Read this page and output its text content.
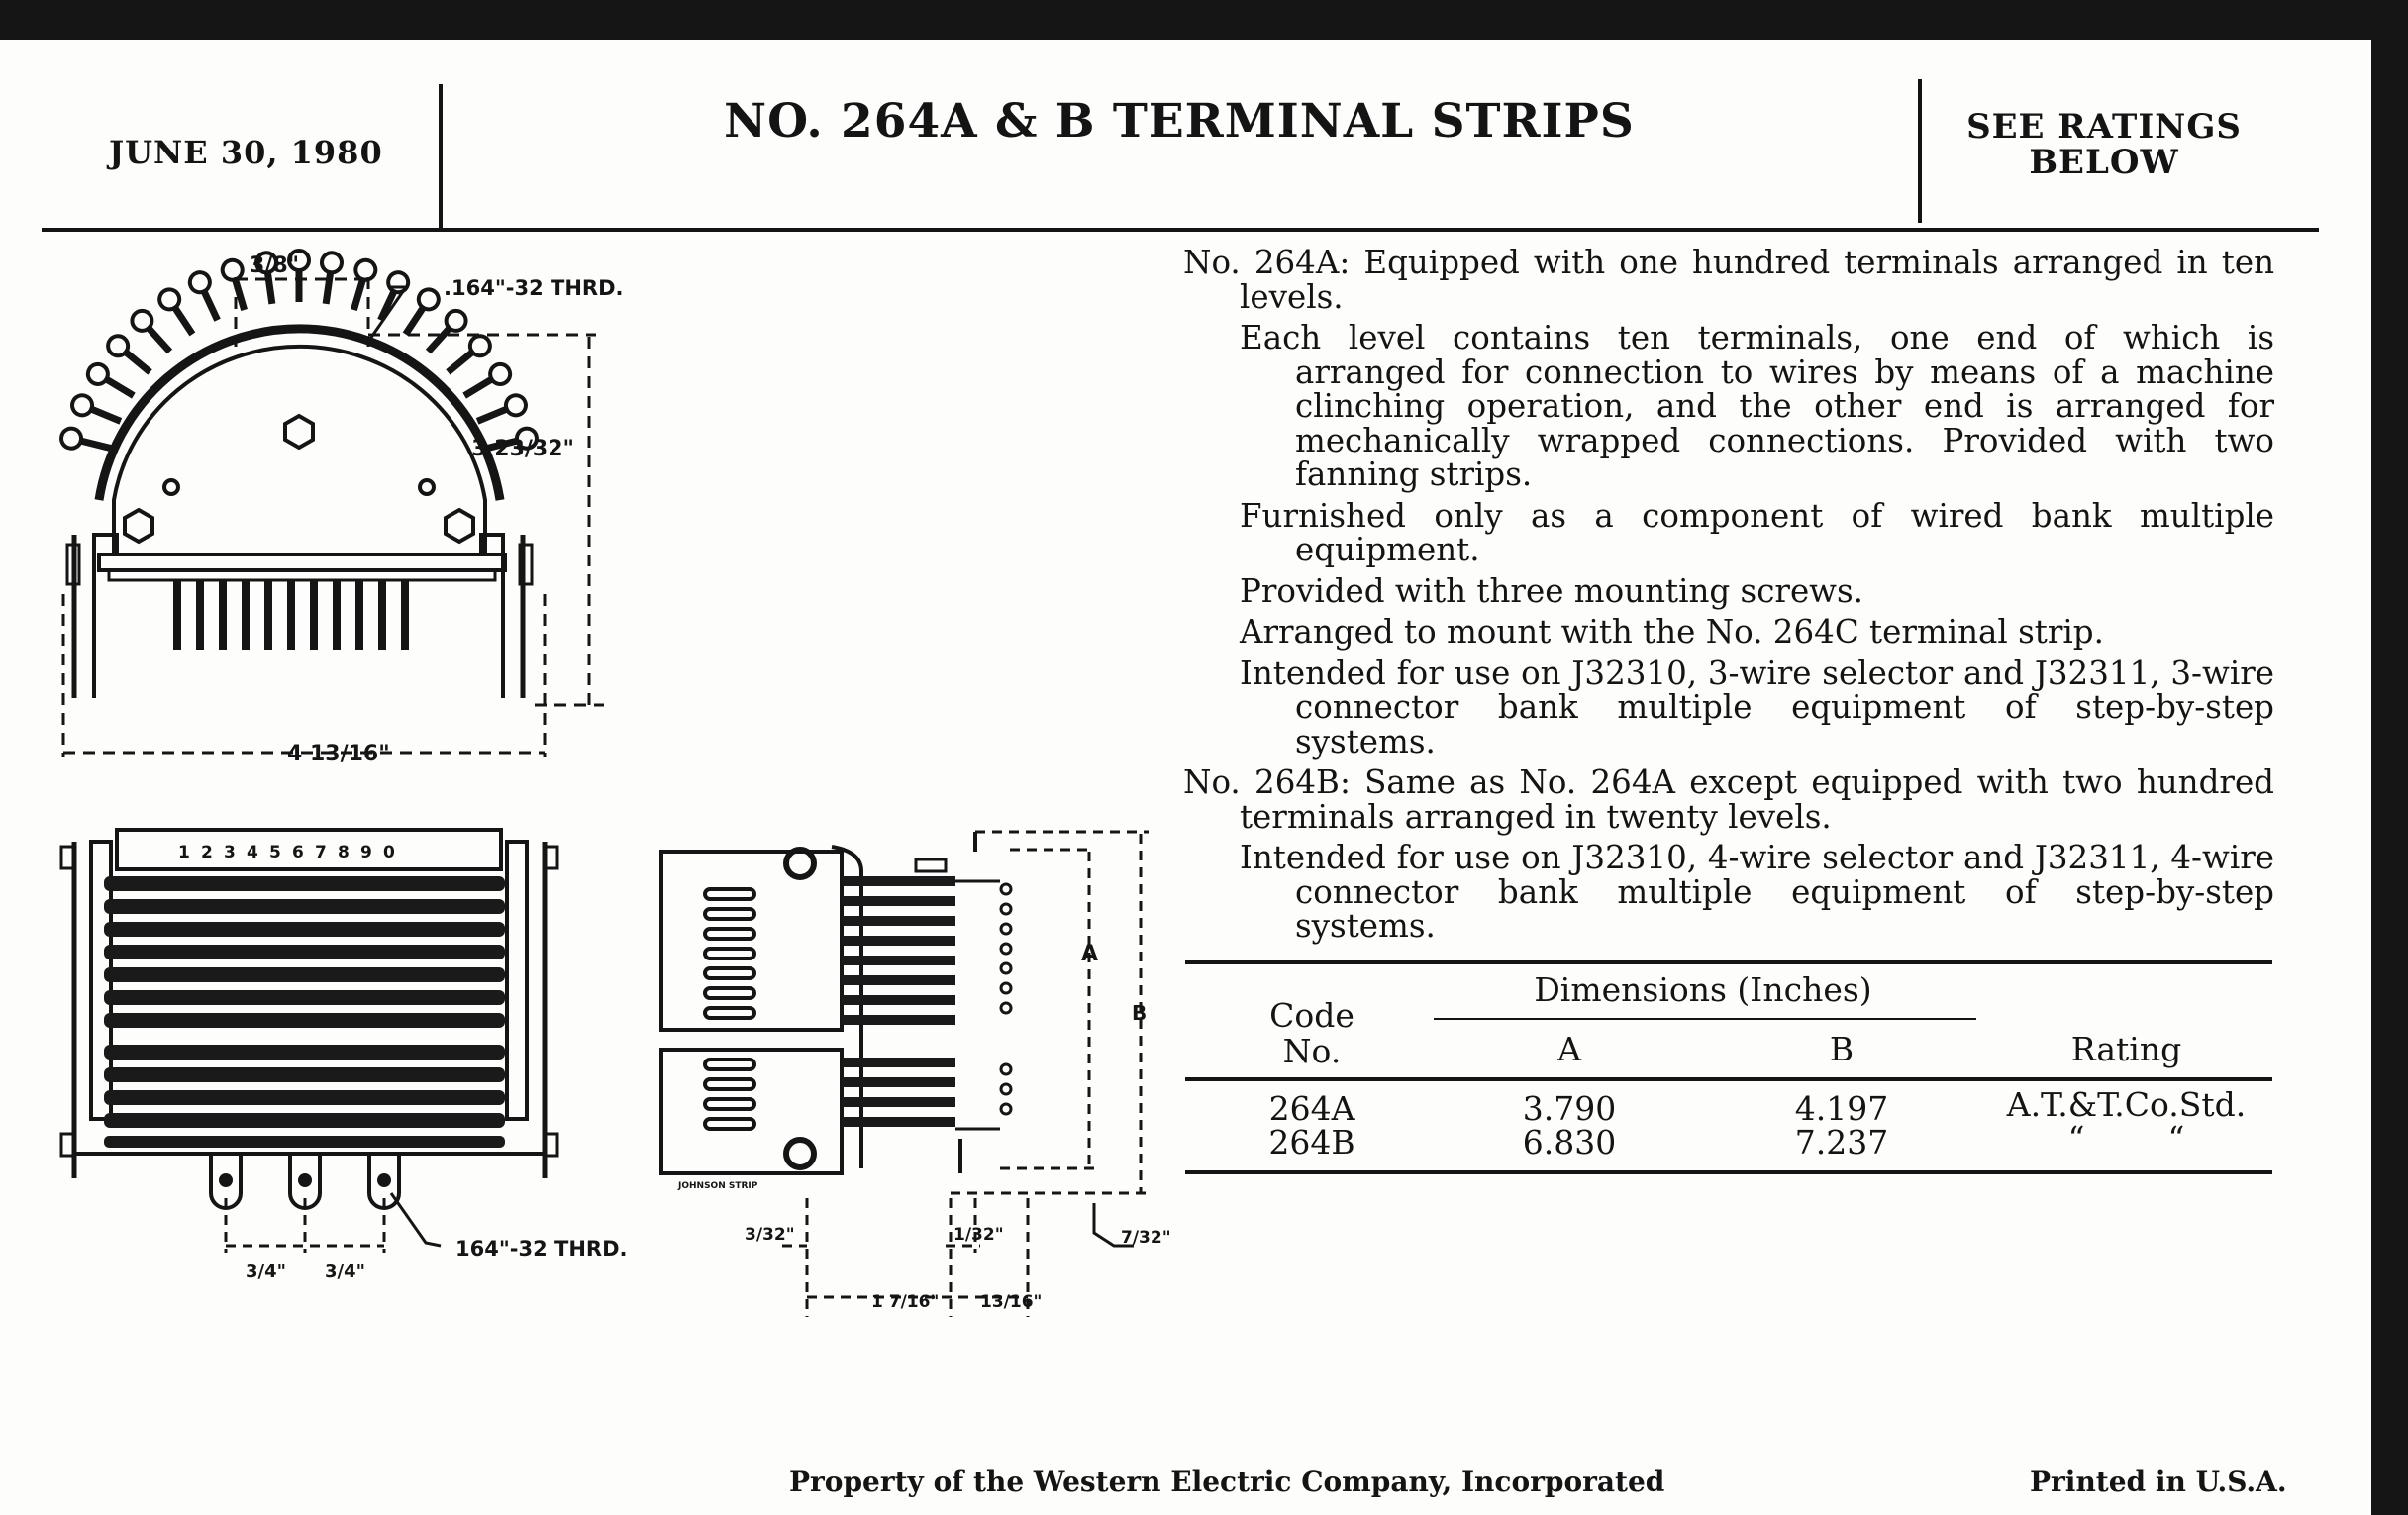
JUNE 30, 1980
NO. 264A & B TERMINAL STRIPS	SEE RATINGS
BELOW
3/8"
.164"-32 THRD.
3 23/32"
4 13/16"
1 2 3 4 5 6 7 8 9 0
3/4" 3/4"
164"-32 THRD.
A
B
3/32"	1/32"	7/32"
1 7/16" 13/16"
JOHNSON STRIP

No. 264A: Equipped with one hundred terminals arranged in ten levels.

Each level contains ten terminals, one end of which is arranged for connection to wires by means of a machine clinching operation, and the other end is arranged for mechanically wrapped connections. Provided with two fanning strips.

Furnished only as a component of wired bank multiple equipment.

Provided with three mounting screws.

Arranged to mount with the No. 264C terminal strip.

Intended for use on J32310, 3-wire selector and J32311, 3-wire connector bank multiple equipment of step-by-step systems.

No. 264B: Same as No. 264A except equipped with two hundred terminals arranged in twenty levels.

Intended for use on J32310, 4-wire selector and J32311, 4-wire connector bank multiple equipment of step-by-step systems.

Code
No.
Dimensions (Inches)
A	B	Rating
264A	3.790	4.197	A.T.&T.Co.Std.
264B	6.830	7.237	“        “
Property of the Western Electric Company, Incorporated	Printed in U.S.A.
